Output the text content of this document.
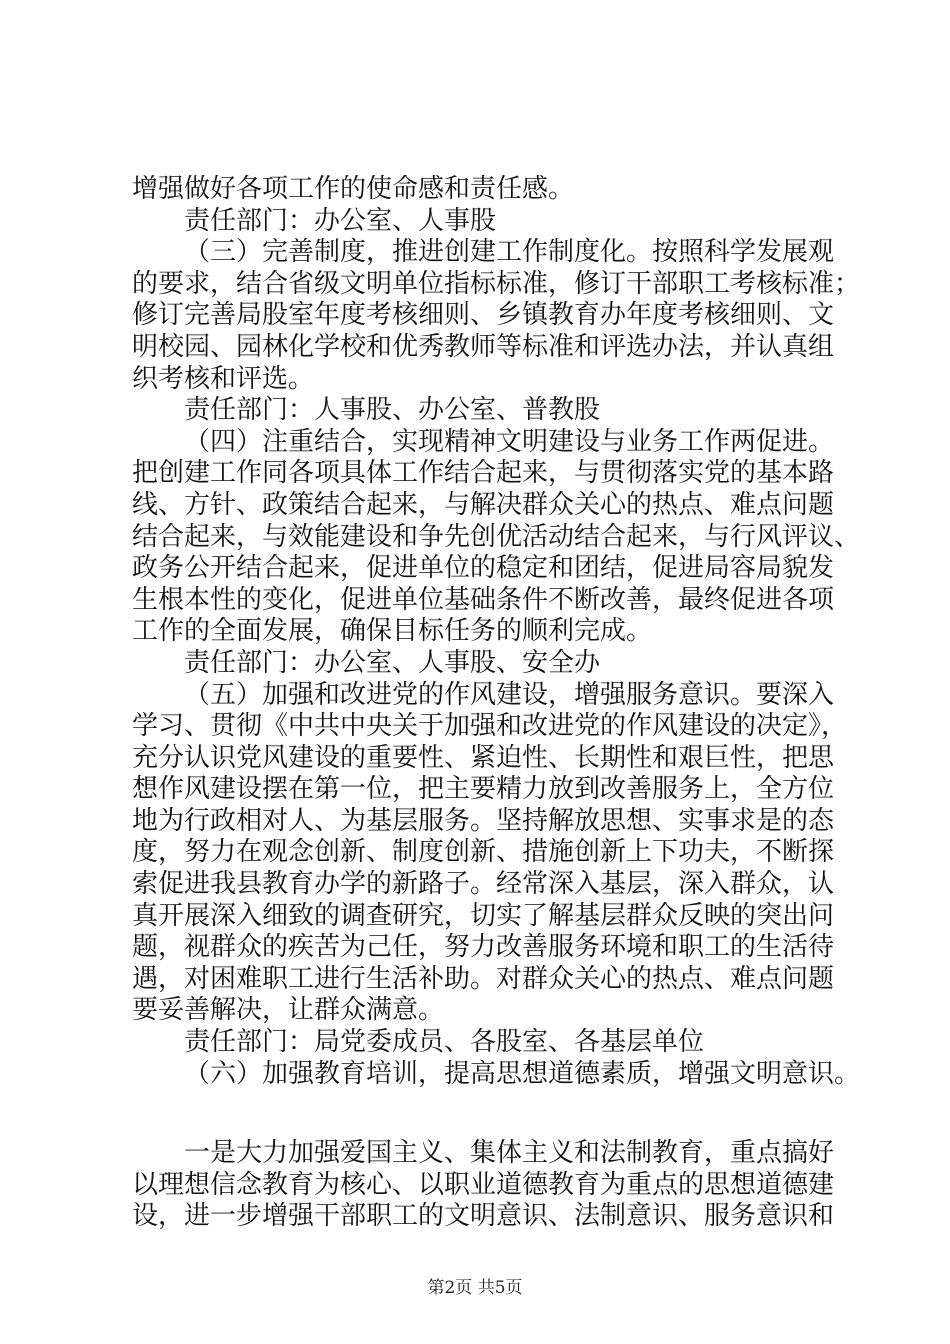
增强做好各项工作的使命感和责任感。
责任部门：办公室、人事股
（三）完善制度，推进创建工作制度化。按照科学发展观
的要求，结合省级文明单位指标标准，修订干部职工考核标准；
修订完善局股室年度考核细则、乡镇教育办年度考核细则、文
明校园、园林化学校和优秀教师等标准和评选办法，并认真组
织考核和评选。
责任部门：人事股、办公室、普教股
（四）注重结合，实现精神文明建设与业务工作两促进。
把创建工作同各项具体工作结合起来，与贯彻落实党的基本路
线、方针、政策结合起来，与解决群众关心的热点、难点问题
结合起来，与效能建设和争先创优活动结合起来，与行风评议、
政务公开结合起来，促进单位的稳定和团结，促进局容局貌发
生根本性的变化，促进单位基础条件不断改善，最终促进各项
工作的全面发展，确保目标任务的顺利完成。
责任部门：办公室、人事股、安全办
（五）加强和改进党的作风建设，增强服务意识。要深入
学习、贯彻《中共中央关于加强和改进党的作风建设的决定》，
充分认识党风建设的重要性、紧迫性、长期性和艰巨性，把思
想作风建设摆在第一位，把主要精力放到改善服务上，全方位
地为行政相对人、为基层服务。坚持解放思想、实事求是的态
度，努力在观念创新、制度创新、措施创新上下功夫，不断探
索促进我县教育办学的新路子。经常深入基层，深入群众，认
真开展深入细致的调查研究，切实了解基层群众反映的突出问
题，视群众的疾苦为己任，努力改善服务环境和职工的生活待
遇，对困难职工进行生活补助。对群众关心的热点、难点问题
要妥善解决，让群众满意。
责任部门：局党委成员、各股室、各基层单位
（六）加强教育培训，提高思想道德素质，增强文明意识。
一是大力加强爱国主义、集体主义和法制教育，重点搞好
以理想信念教育为核心、以职业道德教育为重点的思想道德建
设，进一步增强干部职工的文明意识、法制意识、服务意识和
第2页 共5页
